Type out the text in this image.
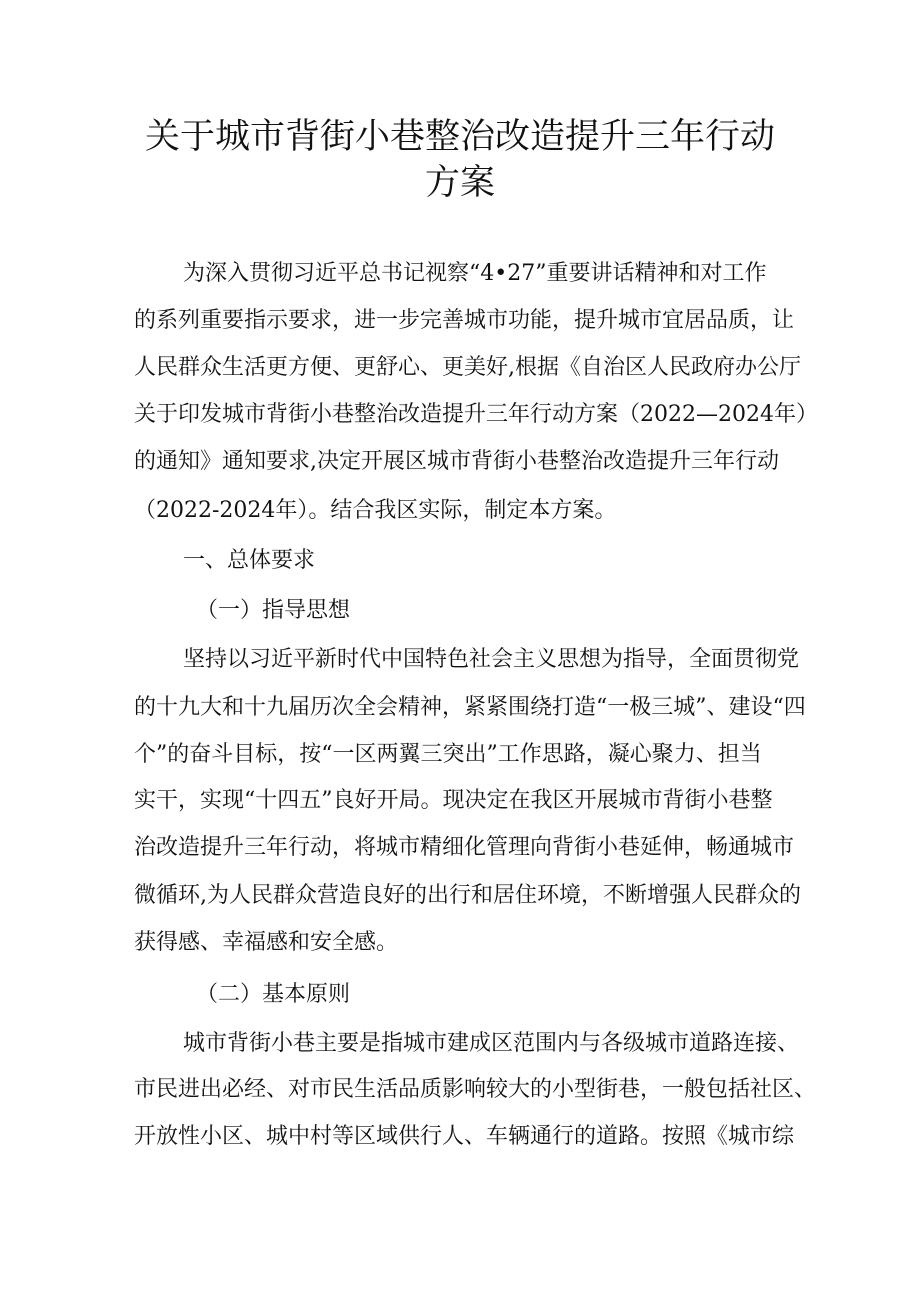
关于城市背街小巷整治改造提升三年行动
方案
为深入贯彻习近平总书记视察“4•27”重要讲话精神和对工作
的系列重要指示要求，进一步完善城市功能，提升城市宜居品质，让
人民群众生活更方便、更舒心、更美好,根据《自治区人民政府办公厅
关于印发城市背街小巷整治改造提升三年行动方案（2022—2024年）
的通知》通知要求,决定开展区城市背街小巷整治改造提升三年行动
（2022-2024年）。结合我区实际，制定本方案。
一、总体要求
（一）指导思想
坚持以习近平新时代中国特色社会主义思想为指导，全面贯彻党
的十九大和十九届历次全会精神，紧紧围绕打造“一极三城”、建设“四
个”的奋斗目标，按“一区两翼三突出”工作思路，凝心聚力、担当
实干，实现“十四五”良好开局。现决定在我区开展城市背街小巷整
治改造提升三年行动，将城市精细化管理向背街小巷延伸，畅通城市
微循环,为人民群众营造良好的出行和居住环境，不断增强人民群众的
获得感、幸福感和安全感。
（二）基本原则
城市背街小巷主要是指城市建成区范围内与各级城市道路连接、
市民进出必经、对市民生活品质影响较大的小型街巷，一般包括社区、
开放性小区、城中村等区域供行人、车辆通行的道路。按照《城市综
